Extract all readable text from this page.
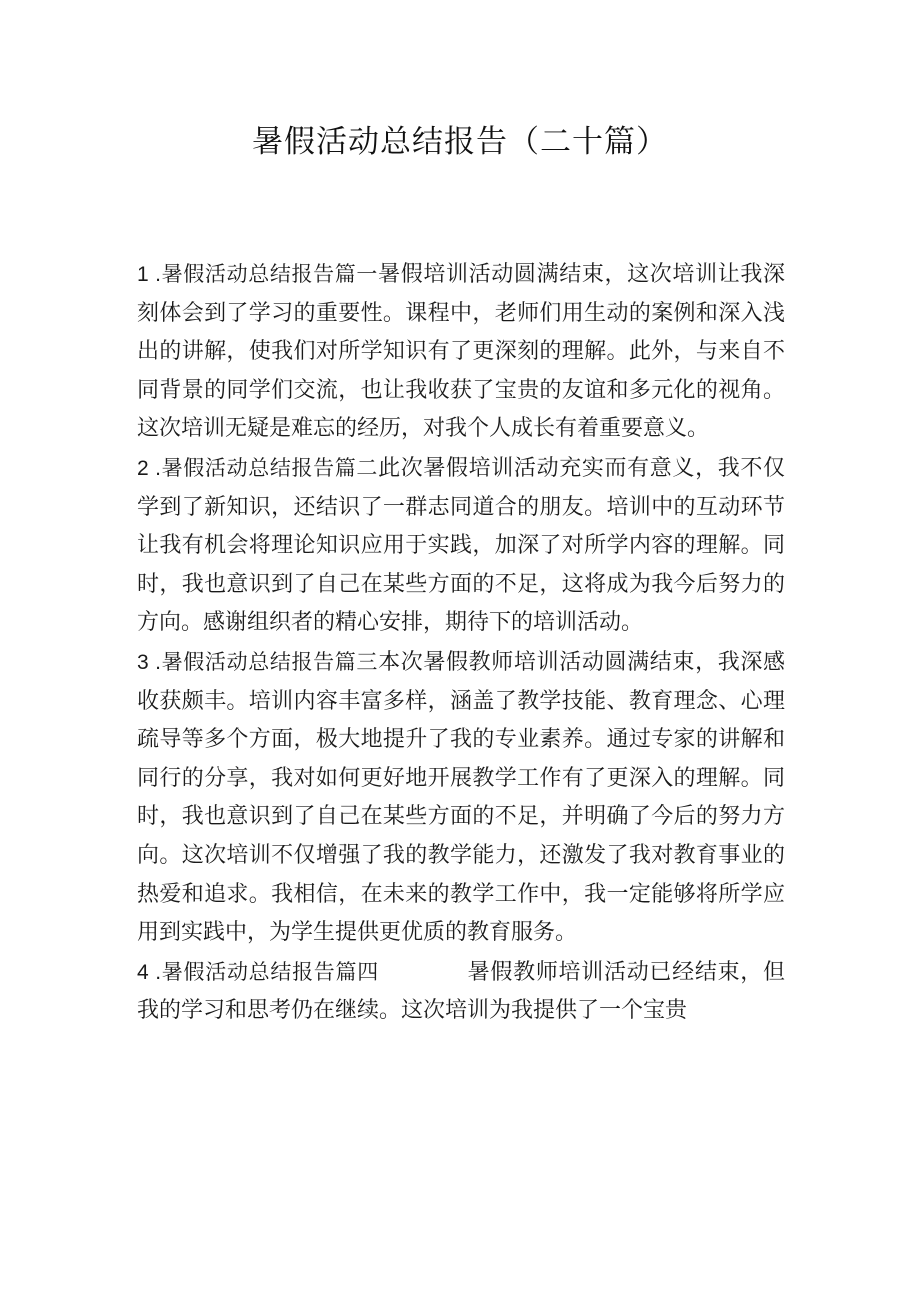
暑假活动总结报告（二十篇）

1 .暑假活动总结报告篇一暑假培训活动圆满结束，这次培训让我深刻体会到了学习的重要性。课程中，老师们用生动的案例和深入浅出的讲解，使我们对所学知识有了更深刻的理解。此外，与来自不同背景的同学们交流，也让我收获了宝贵的友谊和多元化的视角。这次培训无疑是难忘的经历，对我个人成长有着重要意义。

2 .暑假活动总结报告篇二此次暑假培训活动充实而有意义，我不仅学到了新知识，还结识了一群志同道合的朋友。培训中的互动环节让我有机会将理论知识应用于实践，加深了对所学内容的理解。同时，我也意识到了自己在某些方面的不足，这将成为我今后努力的方向。感谢组织者的精心安排，期待下的培训活动。

3 .暑假活动总结报告篇三本次暑假教师培训活动圆满结束，我深感收获颇丰。培训内容丰富多样，涵盖了教学技能、教育理念、心理疏导等多个方面，极大地提升了我的专业素养。通过专家的讲解和同行的分享，我对如何更好地开展教学工作有了更深入的理解。同时，我也意识到了自己在某些方面的不足，并明确了今后的努力方向。这次培训不仅增强了我的教学能力，还激发了我对教育事业的热爱和追求。我相信，在未来的教学工作中，我一定能够将所学应用到实践中，为学生提供更优质的教育服务。

4 .暑假活动总结报告篇四	暑假教师培训活动已经结束，但我的学习和思考仍在继续。这次培训为我提供了一个宝贵
